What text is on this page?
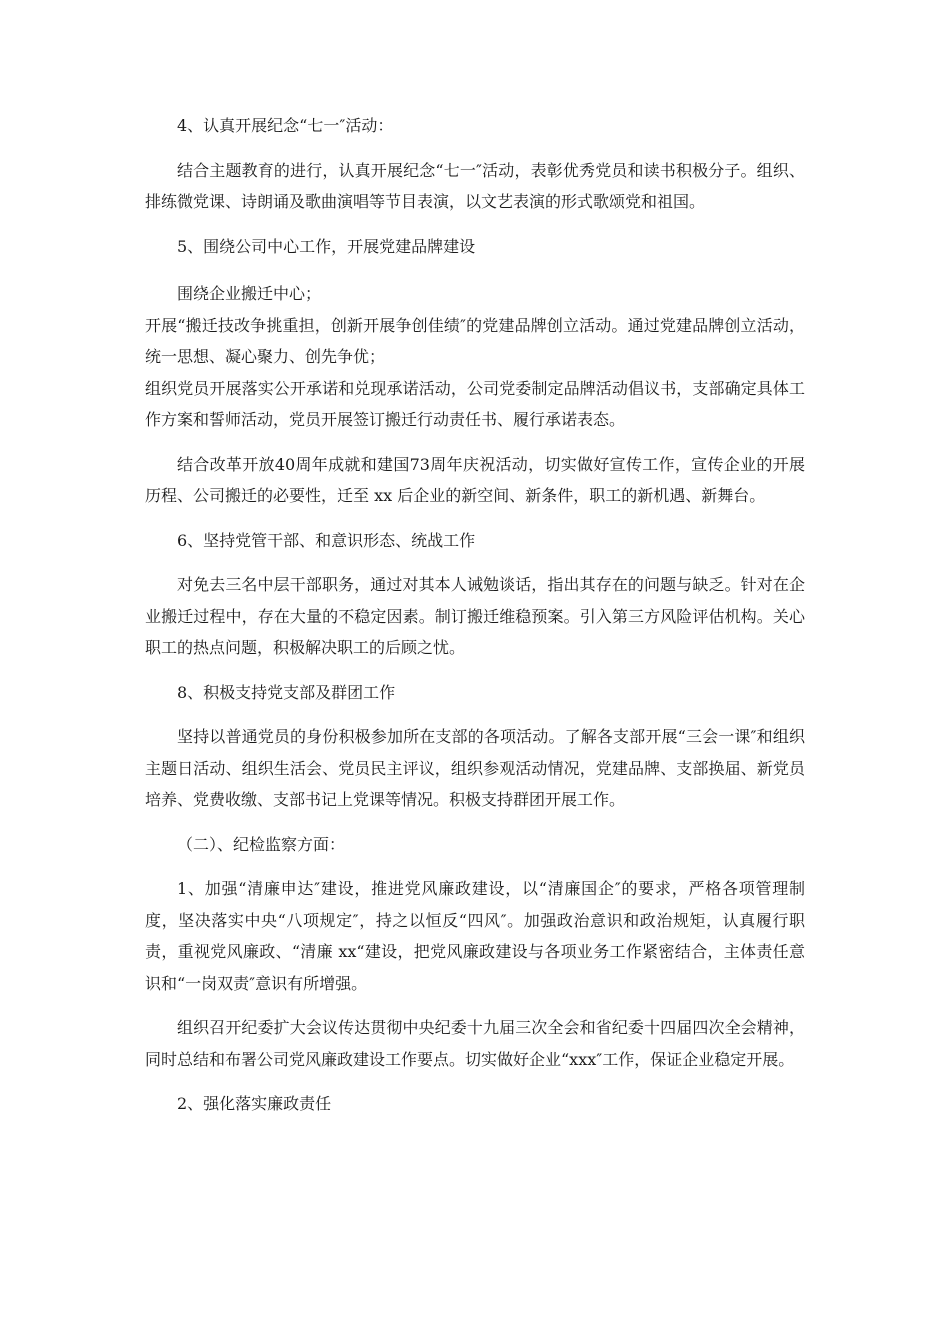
4、认真开展纪念“七一″活动：

结合主题教育的进行，认真开展纪念“七一″活动，表彰优秀党员和读书积极分子。组织、排练微党课、诗朗诵及歌曲演唱等节目表演，以文艺表演的形式歌颂党和祖国。

5、围绕公司中心工作，开展党建品牌建设

围绕企业搬迁中心；

开展“搬迁技改争挑重担，创新开展争创佳绩″的党建品牌创立活动。通过党建品牌创立活动，统一思想、凝心聚力、创先争优；

组织党员开展落实公开承诺和兑现承诺活动，公司党委制定品牌活动倡议书，支部确定具体工作方案和誓师活动，党员开展签订搬迁行动责任书、履行承诺表态。

结合改革开放40周年成就和建国73周年庆祝活动，切实做好宣传工作，宣传企业的开展历程、公司搬迁的必要性，迁至 xx 后企业的新空间、新条件，职工的新机遇、新舞台。

6、坚持党管干部、和意识形态、统战工作

对免去三名中层干部职务，通过对其本人诫勉谈话，指出其存在的问题与缺乏。针对在企业搬迁过程中，存在大量的不稳定因素。制订搬迁维稳预案。引入第三方风险评估机构。关心职工的热点问题，积极解决职工的后顾之忧。

8、积极支持党支部及群团工作

坚持以普通党员的身份积极参加所在支部的各项活动。了解各支部开展“三会一课″和组织主题日活动、组织生活会、党员民主评议，组织参观活动情况，党建品牌、支部换届、新党员培养、党费收缴、支部书记上党课等情况。积极支持群团开展工作。

（二）、纪检监察方面：

1、加强“清廉申达″建设，推进党风廉政建设，以“清廉国企″的要求，严格各项管理制度，坚决落实中央“八项规定″，持之以恒反“四风″。加强政治意识和政治规矩，认真履行职责，重视党风廉政、“清廉 xx“建设，把党风廉政建设与各项业务工作紧密结合，主体责任意识和“一岗双责″意识有所增强。

组织召开纪委扩大会议传达贯彻中央纪委十九届三次全会和省纪委十四届四次全会精神，同时总结和布署公司党风廉政建设工作要点。切实做好企业“xxx″工作，保证企业稳定开展。

2、强化落实廉政责任
